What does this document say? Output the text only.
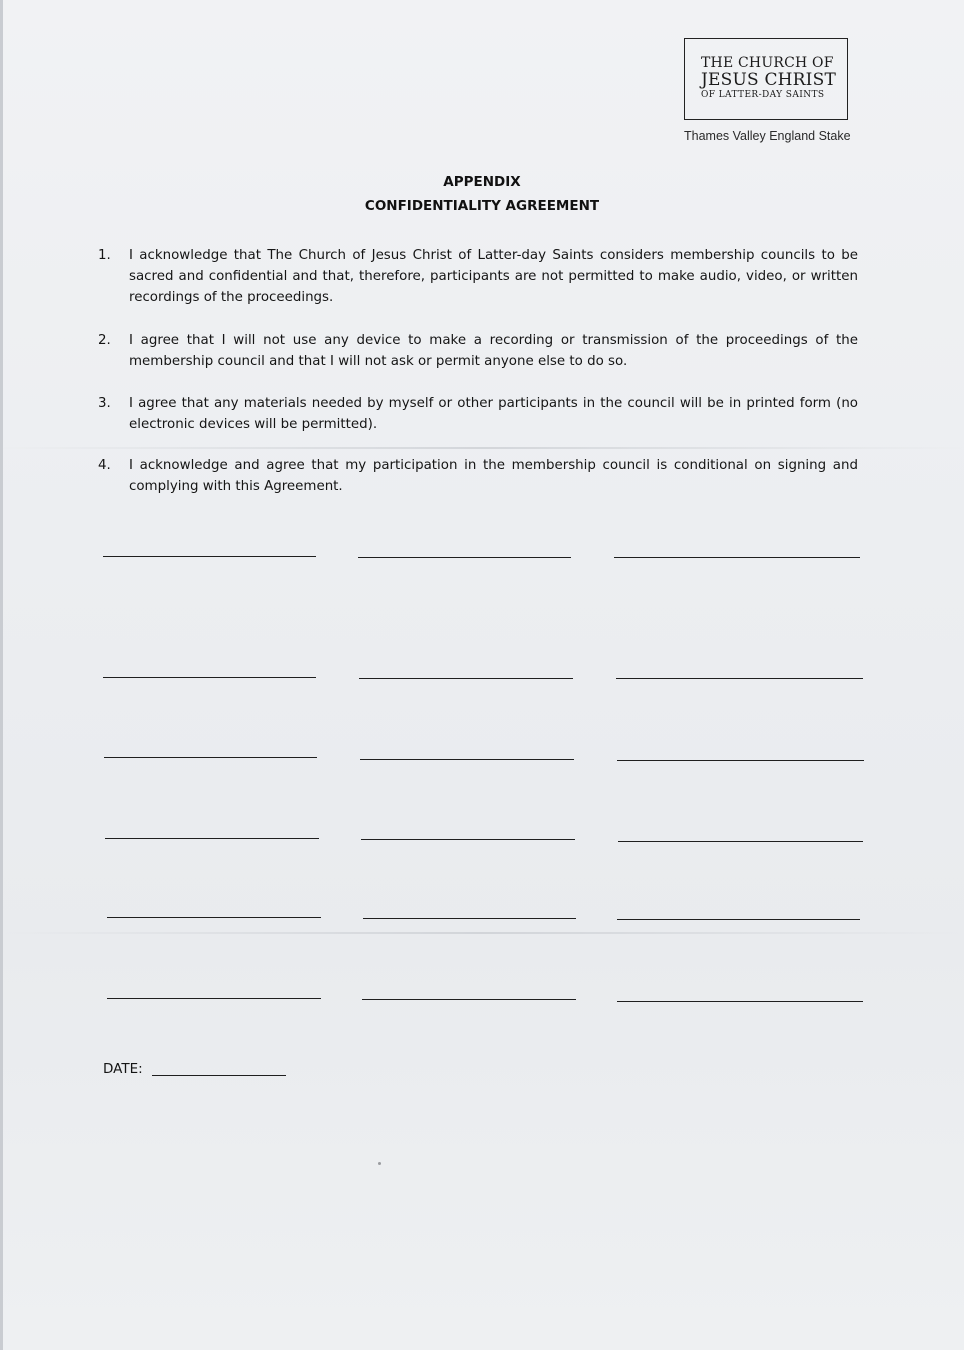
THE CHURCH OF
JESUS CHRIST
OF LATTER-DAY SAINTS
Thames Valley England Stake
APPENDIX
CONFIDENTIALITY AGREEMENT
1. I acknowledge that The Church of Jesus Christ of Latter-day Saints considers membership councils to be sacred and confidential and that, therefore, participants are not permitted to make audio, video, or written recordings of the proceedings.
2. I agree that I will not use any device to make a recording or transmission of the proceedings of the membership council and that I will not ask or permit anyone else to do so.
3. I agree that any materials needed by myself or other participants in the council will be in printed form (no electronic devices will be permitted).
4. I acknowledge and agree that my participation in the membership council is conditional on signing and complying with this Agreement.
DATE:
